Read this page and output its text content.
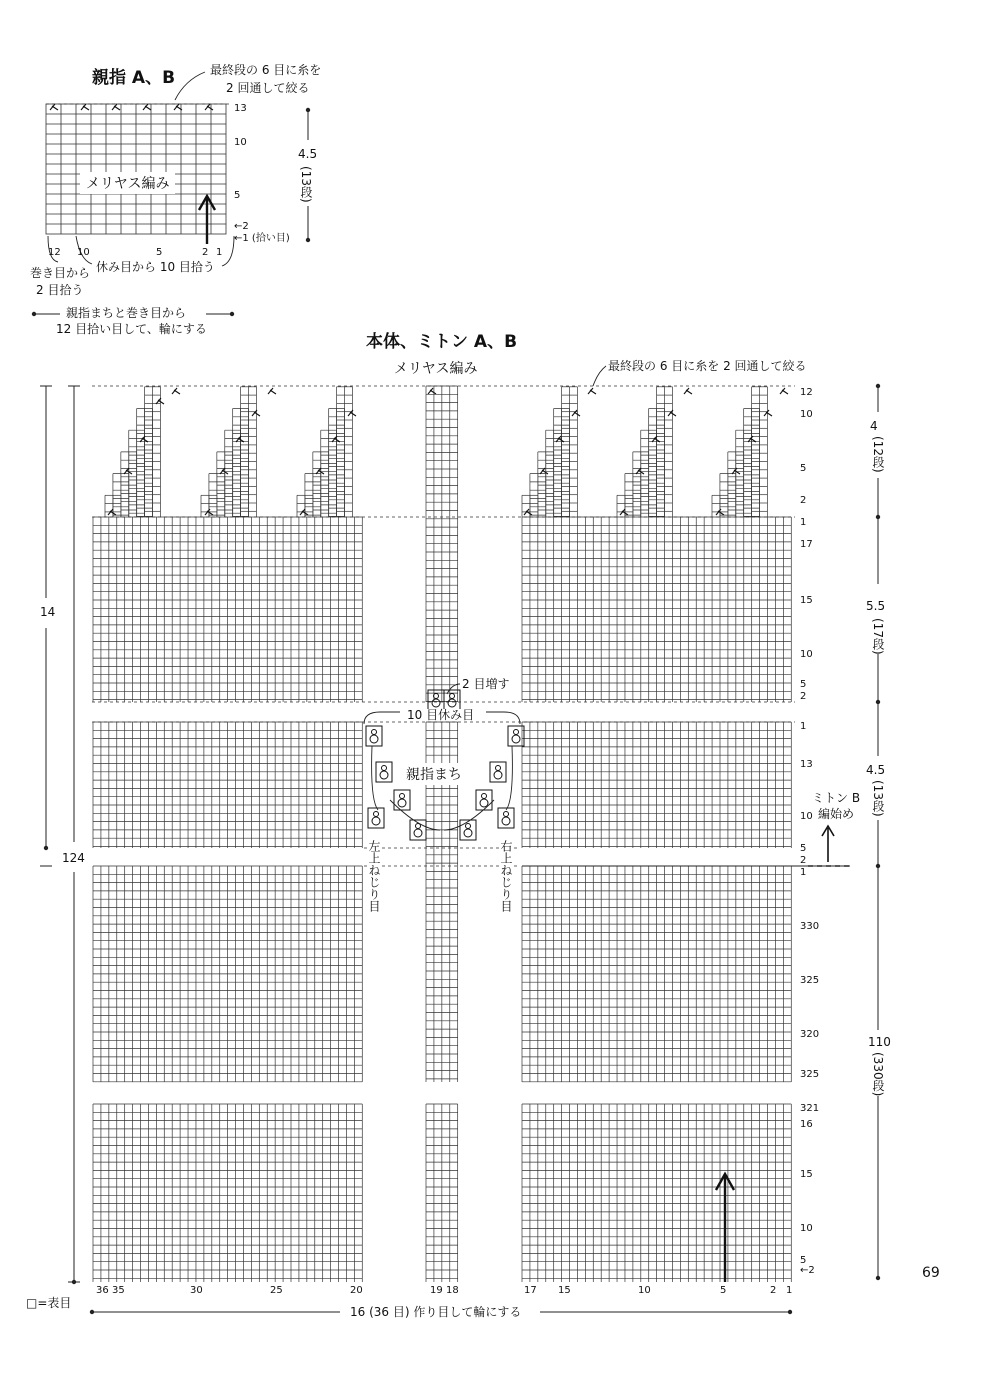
親指 A、B	最終段の 6 目に糸を
2 回通して絞る
メリヤス編み
13
10
5
←2
←1 (拾い目)
12 10	5	2 1
巻き目から
2 目拾う
休み目から 10 目拾う
親指まちと巻き目から
12 目拾い目して、輪にする
4.5
(13段)
本体、ミトン A、B
メリヤス編み	最終段の 6 目に糸を 2 回通して絞る
2 目増す
10 目休み目
親指まち
左上ねじり目	右上ねじり目
ミトン B
編始め
14
124
12
10
5
2
1
17
15
10
5
2
1
13
10
5
2
1
330
325
320
325
321
16
15
10
5
←2
4
(12段)
5.5
(17段)
4.5
(13段)
110
(330段)
36 35	30	25	20	19 18	17 15	10	5	2 1
16 (36 目) 作り目して輪にする
□=表目
69
